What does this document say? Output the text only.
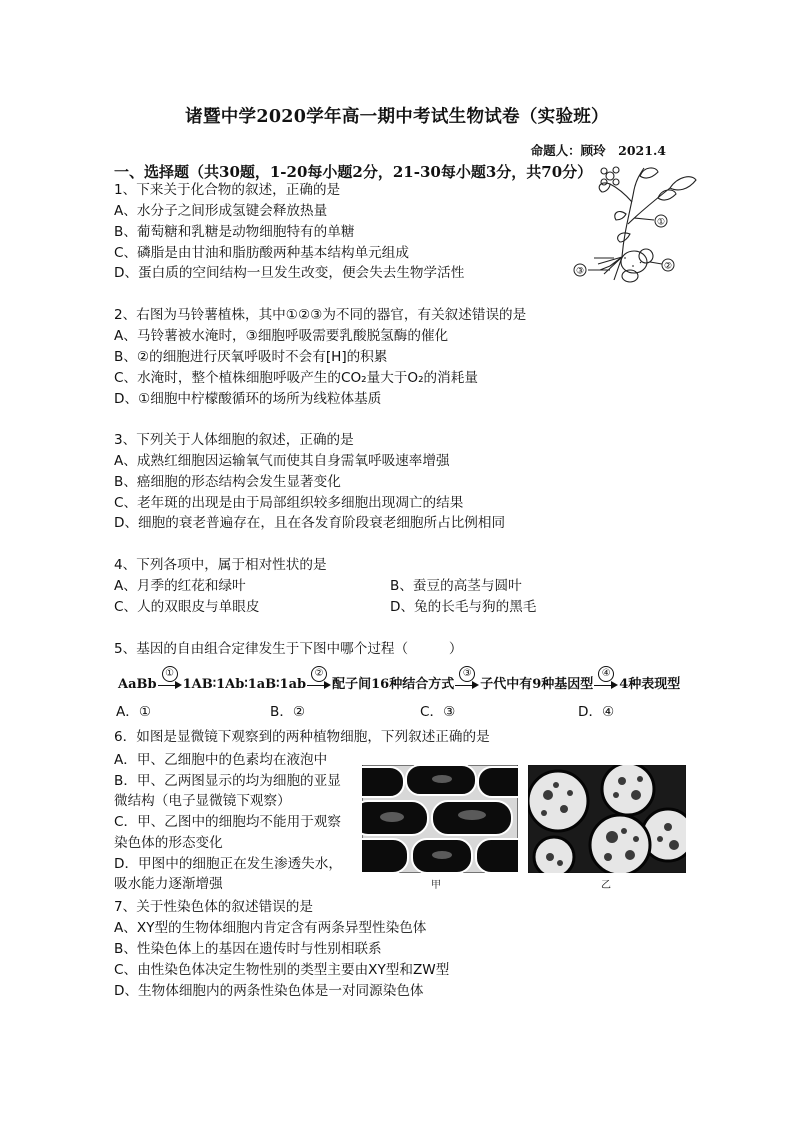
诸暨中学2020学年高一期中考试生物试卷（实验班）
命题人：顾玲　2021.4
一、选择题（共30题，1-20每小题2分，21-30每小题3分，共70分）
1、下来关于化合物的叙述，正确的是
A、水分子之间形成氢键会释放热量
B、葡萄糖和乳糖是动物细胞特有的单糖
C、磷脂是由甘油和脂肪酸两种基本结构单元组成
D、蛋白质的空间结构一旦发生改变，便会失去生物学活性
①
②
③
2、右图为马铃薯植株，其中①②③为不同的器官，有关叙述错误的是
A、马铃薯被水淹时，③细胞呼吸需要乳酸脱氢酶的催化
B、②的细胞进行厌氧呼吸时不会有[H]的积累
C、水淹时，整个植株细胞呼吸产生的CO₂量大于O₂的消耗量
D、①细胞中柠檬酸循环的场所为线粒体基质
3、下列关于人体细胞的叙述，正确的是
A、成熟红细胞因运输氧气而使其自身需氧呼吸速率增强
B、癌细胞的形态结构会发生显著变化
C、老年斑的出现是由于局部组织较多细胞出现凋亡的结果
D、细胞的衰老普遍存在，且在各发育阶段衰老细胞所占比例相同
4、下列各项中，属于相对性状的是
A、月季的红花和绿叶	B、蚕豆的高茎与圆叶
C、人的双眼皮与单眼皮	D、兔的长毛与狗的黑毛
5、基因的自由组合定律发生于下图中哪个过程（　　　）
AaBb
①
1AB∶1Ab∶1aB∶1ab
②
配子间16种结合方式
③
子代中有9种基因型
④
4种表现型
A．①	B．②	C．③	D．④
6．如图是显微镜下观察到的两种植物细胞，下列叙述正确的是
A．甲、乙细胞中的色素均在液泡中
B．甲、乙两图显示的均为细胞的亚显微结构（电子显微镜下观察）
C．甲、乙图中的细胞均不能用于观察染色体的形态变化
D．甲图中的细胞正在发生渗透失水，吸水能力逐渐增强	甲	乙
7、关于性染色体的叙述错误的是
A、XY型的生物体细胞内肯定含有两条异型性染色体
B、性染色体上的基因在遗传时与性别相联系
C、由性染色体决定生物性别的类型主要由XY型和ZW型
D、生物体细胞内的两条性染色体是一对同源染色体
